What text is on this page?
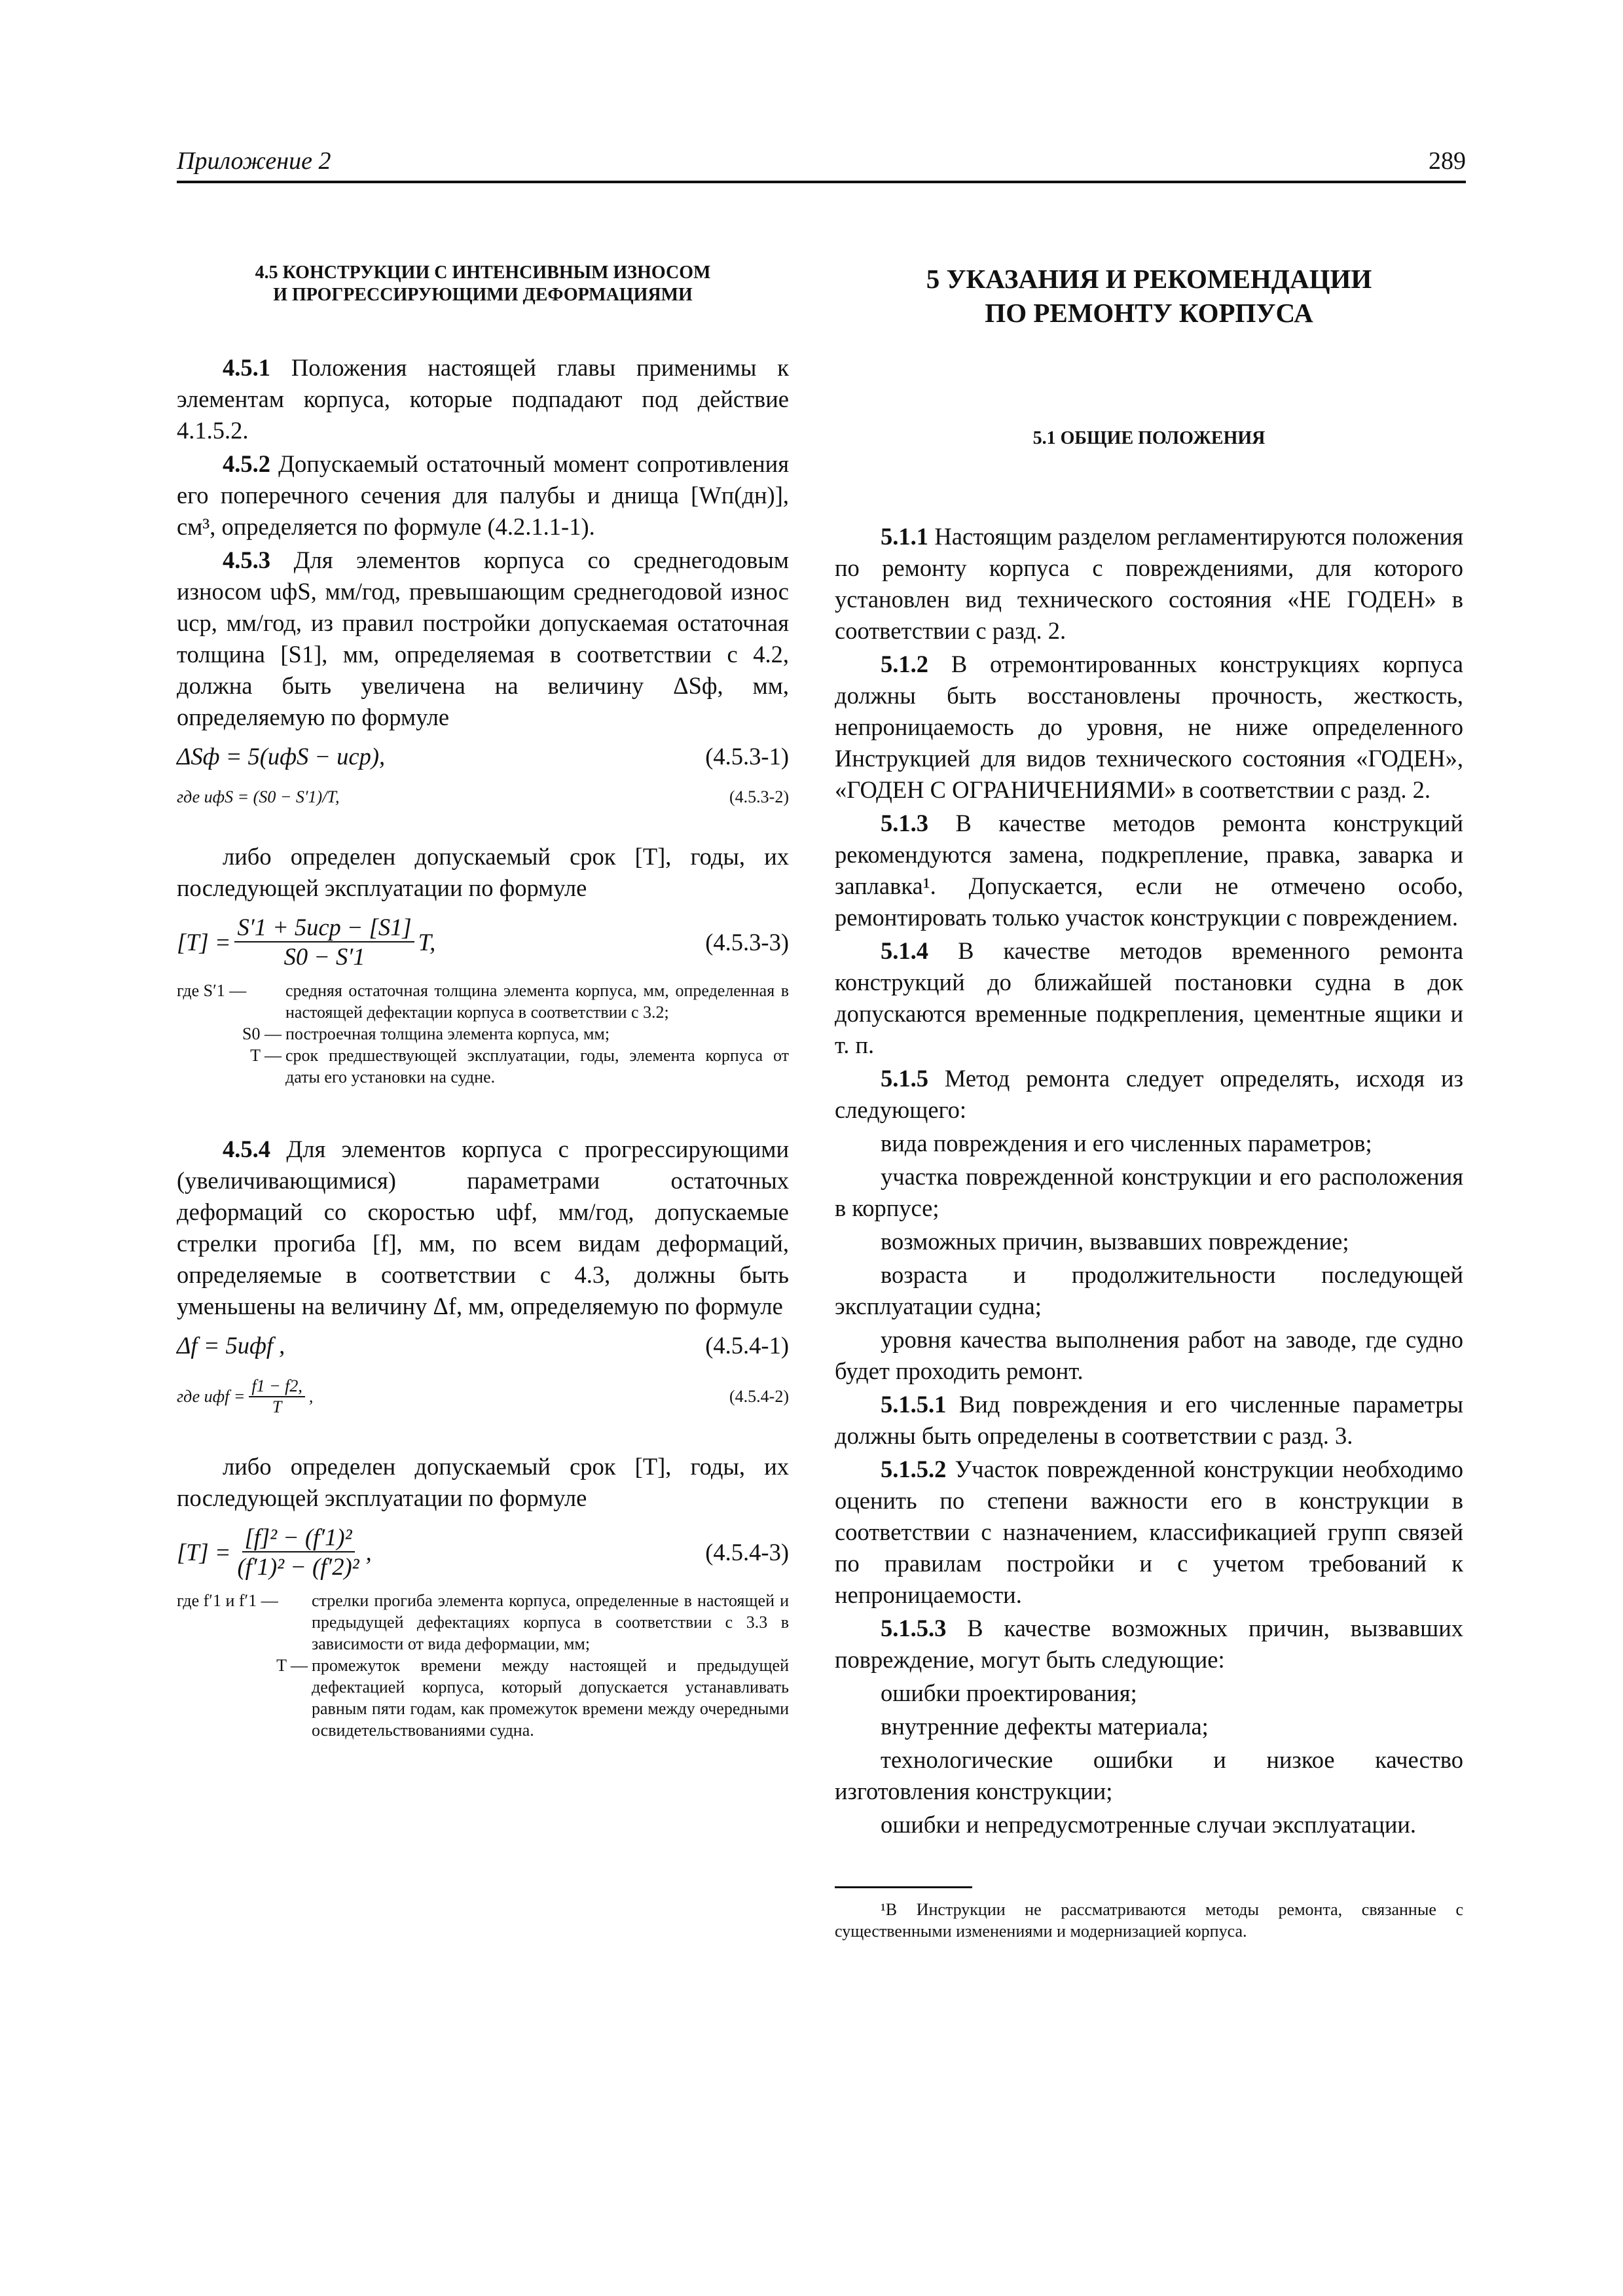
Приложение 2	289
4.5 КОНСТРУКЦИИ С ИНТЕНСИВНЫМ ИЗНОСОМ
И ПРОГРЕССИРУЮЩИМИ ДЕФОРМАЦИЯМИ

4.5.1 Положения настоящей главы применимы к элементам корпуса, которые подпадают под действие 4.1.5.2.

4.5.2 Допускаемый остаточный момент сопротивления его поперечного сечения для палубы и днища [Wп(дн)], см³, определяется по формуле (4.2.1.1-1).

4.5.3 Для элементов корпуса со среднегодовым износом uфS, мм/год, превышающим среднегодовой износ uср, мм/год, из правил постройки допускаемая остаточная толщина [S1], мм, определяемая в соответствии с 4.2, должна быть увеличена на величину ΔSф, мм, определяемую по формуле

ΔSф = 5(uфS − uср),	(4.5.3-1)
где uфS = (S0 − S′1)/T,	(4.5.3-2)

либо определен допускаемый срок [T], годы, их последующей эксплуатации по формуле

$[T] = \frac{\text{S′1 + 5uср − [S1]}}{S0 - S'1} T$,	(4.5.3-3)
где S′1 —	средняя остаточная толщина элемента корпуса, мм, определенная в настоящей дефектации корпуса в соответствии с 3.2;
S0 — построечная толщина элемента корпуса, мм;
T — срок предшествующей эксплуатации, годы, элемента корпуса от даты его установки на судне.

4.5.4 Для элементов корпуса с прогрессирующими (увеличивающимися) параметрами остаточных деформаций со скоростью uфf, мм/год, допускаемые стрелки прогиба [f], мм, по всем видам деформаций, определяемые в соответствии с 4.3, должны быть уменьшены на величину Δf, мм, определяемую по формуле

Δf = 5uфf ,	(4.5.4-1)
где uфf = $\frac{f1 - f2,}{T}$ ,	(4.5.4-2)

либо определен допускаемый срок [T], годы, их последующей эксплуатации по формуле

$[T] = \frac{\text{[f]² − (f′1)²}}{\text{(f′1)² − (f′2)²}}$ ,	(4.5.4-3)
где f′1 и f′1 —	стрелки прогиба элемента корпуса, определенные в настоящей и предыдущей дефектациях корпуса в соответствии с 3.3 в зависимости от вида деформации, мм;
T — промежуток времени между настоящей и предыдущей дефектацией корпуса, который допускается устанавливать равным пяти годам, как промежуток времени между очередными освидетельствованиями судна.
5 УКАЗАНИЯ И РЕКОМЕНДАЦИИ
ПО РЕМОНТУ КОРПУСА
5.1 ОБЩИЕ ПОЛОЖЕНИЯ

5.1.1 Настоящим разделом регламентируются положения по ремонту корпуса с повреждениями, для которого установлен вид технического состояния «НЕ ГОДЕН» в соответствии с разд. 2.

5.1.2 В отремонтированных конструкциях корпуса должны быть восстановлены прочность, жесткость, непроницаемость до уровня, не ниже определенного Инструкцией для видов технического состояния «ГОДЕН», «ГОДЕН С ОГРАНИЧЕНИЯМИ» в соответствии с разд. 2.

5.1.3 В качестве методов ремонта конструкций рекомендуются замена, подкрепление, правка, заварка и заплавка¹. Допускается, если не отмечено особо, ремонтировать только участок конструкции с повреждением.

5.1.4 В качестве методов временного ремонта конструкций до ближайшей постановки судна в док допускаются временные подкрепления, цементные ящики и т. п.

5.1.5 Метод ремонта следует определять, исходя из следующего:

вида повреждения и его численных параметров;

участка поврежденной конструкции и его расположения в корпусе;

возможных причин, вызвавших повреждение;

возраста и продолжительности последующей эксплуатации судна;

уровня качества выполнения работ на заводе, где судно будет проходить ремонт.

5.1.5.1 Вид повреждения и его численные параметры должны быть определены в соответствии с разд. 3.

5.1.5.2 Участок поврежденной конструкции необходимо оценить по степени важности его в конструкции в соответствии с назначением, классификацией групп связей по правилам постройки и с учетом требований к непроницаемости.

5.1.5.3 В качестве возможных причин, вызвавших повреждение, могут быть следующие:

ошибки проектирования;

внутренние дефекты материала;

технологические ошибки и низкое качество изготовления конструкции;

ошибки и непредусмотренные случаи эксплуатации.

¹В Инструкции не рассматриваются методы ремонта, связанные с существенными изменениями и модернизацией корпуса.
